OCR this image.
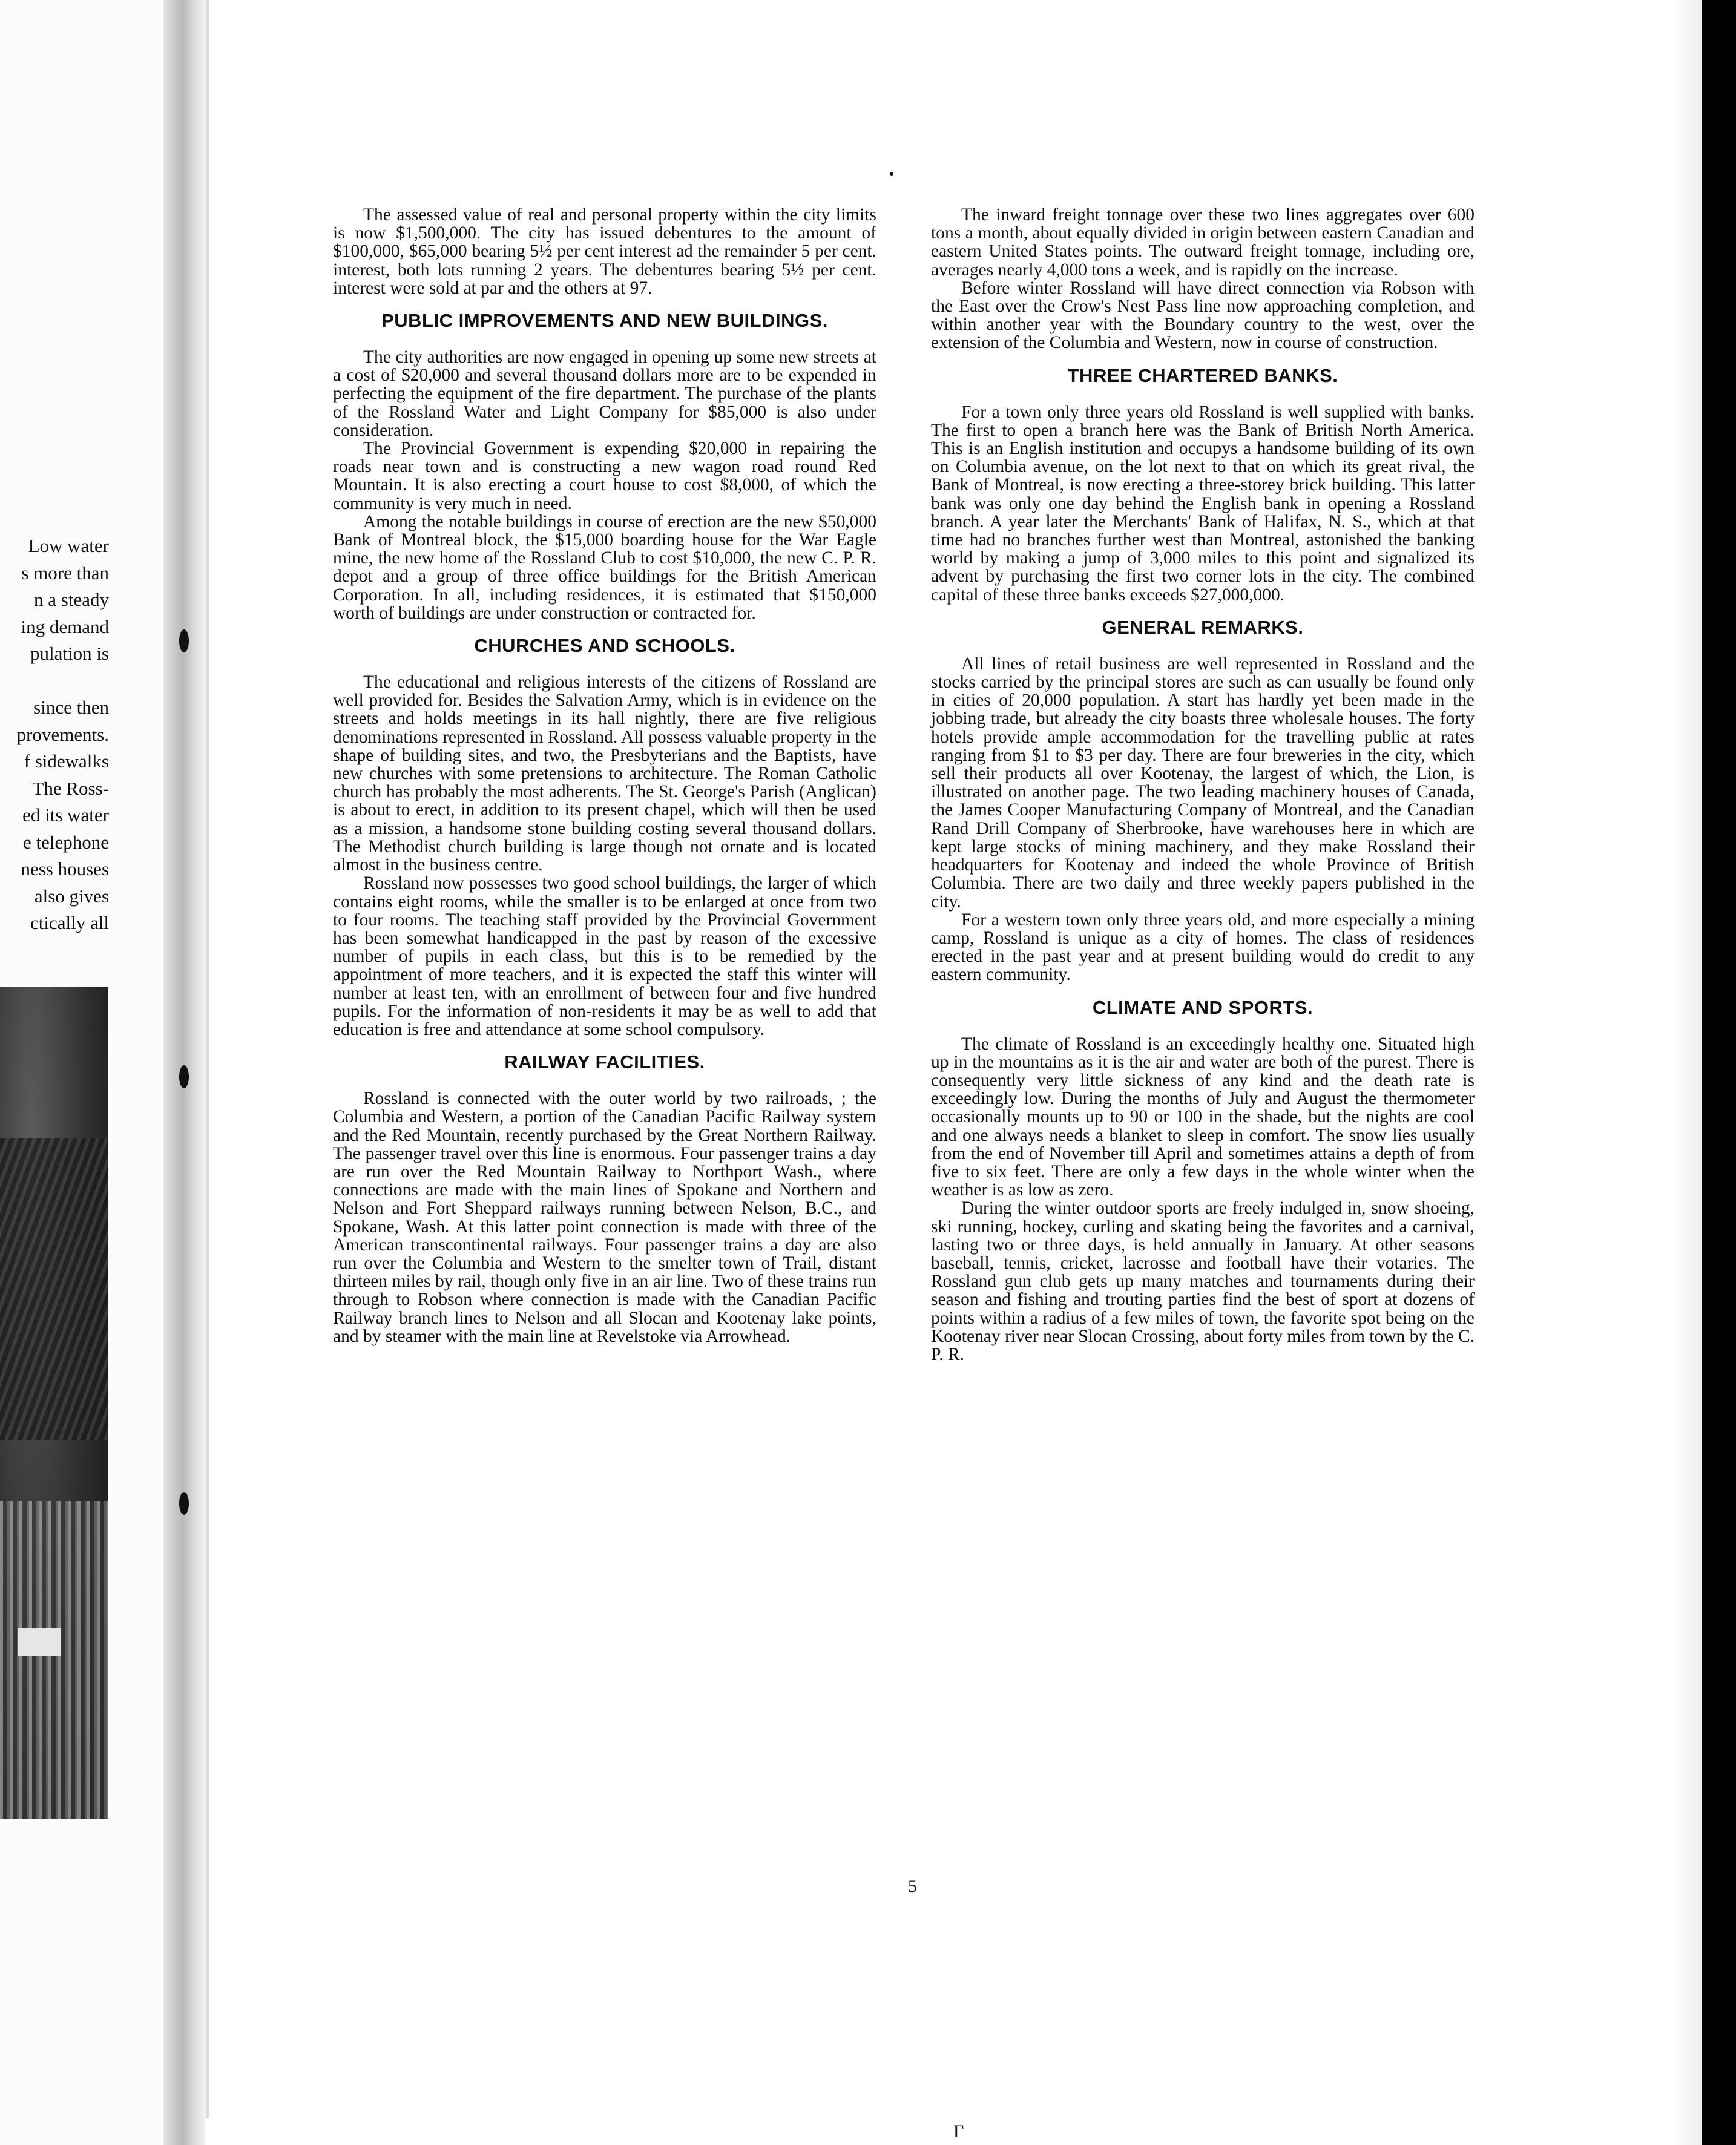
Low water
s more than
n a steady
ing demand
pulation is

since then
provements.
f sidewalks
The Ross-
ed its water
e telephone
ness houses
also gives
ctically all

The assessed value of real and personal property within the city limits is now $1,500,000. The city has issued debentures to the amount of $100,000, $65,000 bearing 5½ per cent interest ad the remainder 5 per cent. interest, both lots running 2 years. The debentures bearing 5½ per cent. interest were sold at par and the others at 97.

PUBLIC IMPROVEMENTS AND NEW BUILDINGS.

The city authorities are now engaged in opening up some new streets at a cost of $20,000 and several thousand dollars more are to be expended in perfecting the equipment of the fire department. The purchase of the plants of the Rossland Water and Light Company for $85,000 is also under consideration.

The Provincial Government is expending $20,000 in repairing the roads near town and is constructing a new wagon road round Red Mountain. It is also erecting a court house to cost $8,000, of which the community is very much in need.

Among the notable buildings in course of erection are the new $50,000 Bank of Montreal block, the $15,000 boarding house for the War Eagle mine, the new home of the Rossland Club to cost $10,000, the new C. P. R. depot and a group of three office buildings for the British American Corporation. In all, including residences, it is estimated that $150,000 worth of buildings are under construction or contracted for.

CHURCHES AND SCHOOLS.

The educational and religious interests of the citizens of Rossland are well provided for. Besides the Salvation Army, which is in evidence on the streets and holds meetings in its hall nightly, there are five religious denominations represented in Rossland. All possess valuable property in the shape of building sites, and two, the Presbyterians and the Baptists, have new churches with some pretensions to architecture. The Roman Catholic church has probably the most adherents. The St. George's Parish (Anglican) is about to erect, in addition to its present chapel, which will then be used as a mission, a handsome stone building costing several thousand dollars. The Methodist church building is large though not ornate and is located almost in the business centre.

Rossland now possesses two good school buildings, the larger of which contains eight rooms, while the smaller is to be enlarged at once from two to four rooms. The teaching staff provided by the Provincial Government has been somewhat handicapped in the past by reason of the excessive number of pupils in each class, but this is to be remedied by the appointment of more teachers, and it is expected the staff this winter will number at least ten, with an enrollment of between four and five hundred pupils. For the information of non-residents it may be as well to add that education is free and attendance at some school compulsory.

RAILWAY FACILITIES.

Rossland is connected with the outer world by two railroads, ; the Columbia and Western, a portion of the Canadian Pacific Railway system and the Red Mountain, recently purchased by the Great Northern Railway. The passenger travel over this line is enormous. Four passenger trains a day are run over the Red Mountain Railway to Northport Wash., where connections are made with the main lines of Spokane and Northern and Nelson and Fort Sheppard railways running between Nelson, B.C., and Spokane, Wash. At this latter point connection is made with three of the American transcontinental railways. Four passenger trains a day are also run over the Columbia and Western to the smelter town of Trail, distant thirteen miles by rail, though only five in an air line. Two of these trains run through to Robson where connection is made with the Canadian Pacific Railway branch lines to Nelson and all Slocan and Kootenay lake points, and by steamer with the main line at Revelstoke via Arrowhead.

The inward freight tonnage over these two lines aggregates over 600 tons a month, about equally divided in origin between eastern Canadian and eastern United States points. The outward freight tonnage, including ore, averages nearly 4,000 tons a week, and is rapidly on the increase.

Before winter Rossland will have direct connection via Robson with the East over the Crow's Nest Pass line now approaching completion, and within another year with the Boundary country to the west, over the extension of the Columbia and Western, now in course of construction.

THREE CHARTERED BANKS.

For a town only three years old Rossland is well supplied with banks. The first to open a branch here was the Bank of British North America. This is an English institution and occupys a handsome building of its own on Columbia avenue, on the lot next to that on which its great rival, the Bank of Montreal, is now erecting a three-storey brick building. This latter bank was only one day behind the English bank in opening a Rossland branch. A year later the Merchants' Bank of Halifax, N. S., which at that time had no branches further west than Montreal, astonished the banking world by making a jump of 3,000 miles to this point and signalized its advent by purchasing the first two corner lots in the city. The combined capital of these three banks exceeds $27,000,000.

GENERAL REMARKS.

All lines of retail business are well represented in Rossland and the stocks carried by the principal stores are such as can usually be found only in cities of 20,000 population. A start has hardly yet been made in the jobbing trade, but already the city boasts three wholesale houses. The forty hotels provide ample accommodation for the travelling public at rates ranging from $1 to $3 per day. There are four breweries in the city, which sell their products all over Kootenay, the largest of which, the Lion, is illustrated on another page. The two leading machinery houses of Canada, the James Cooper Manufacturing Company of Montreal, and the Canadian Rand Drill Company of Sherbrooke, have warehouses here in which are kept large stocks of mining machinery, and they make Rossland their headquarters for Kootenay and indeed the whole Province of British Columbia. There are two daily and three weekly papers published in the city.

For a western town only three years old, and more especially a mining camp, Rossland is unique as a city of homes. The class of residences erected in the past year and at present building would do credit to any eastern community.

CLIMATE AND SPORTS.

The climate of Rossland is an exceedingly healthy one. Situated high up in the mountains as it is the air and water are both of the purest. There is consequently very little sickness of any kind and the death rate is exceedingly low. During the months of July and August the thermometer occasionally mounts up to 90 or 100 in the shade, but the nights are cool and one always needs a blanket to sleep in comfort. The snow lies usually from the end of November till April and sometimes attains a depth of from five to six feet. There are only a few days in the whole winter when the weather is as low as zero.

During the winter outdoor sports are freely indulged in, snow shoeing, ski running, hockey, curling and skating being the favorites and a carnival, lasting two or three days, is held annually in January. At other seasons baseball, tennis, cricket, lacrosse and football have their votaries. The Rossland gun club gets up many matches and tournaments during their season and fishing and trouting parties find the best of sport at dozens of points within a radius of a few miles of town, the favorite spot being on the Kootenay river near Slocan Crossing, about forty miles from town by the C. P. R.

5
Γ
